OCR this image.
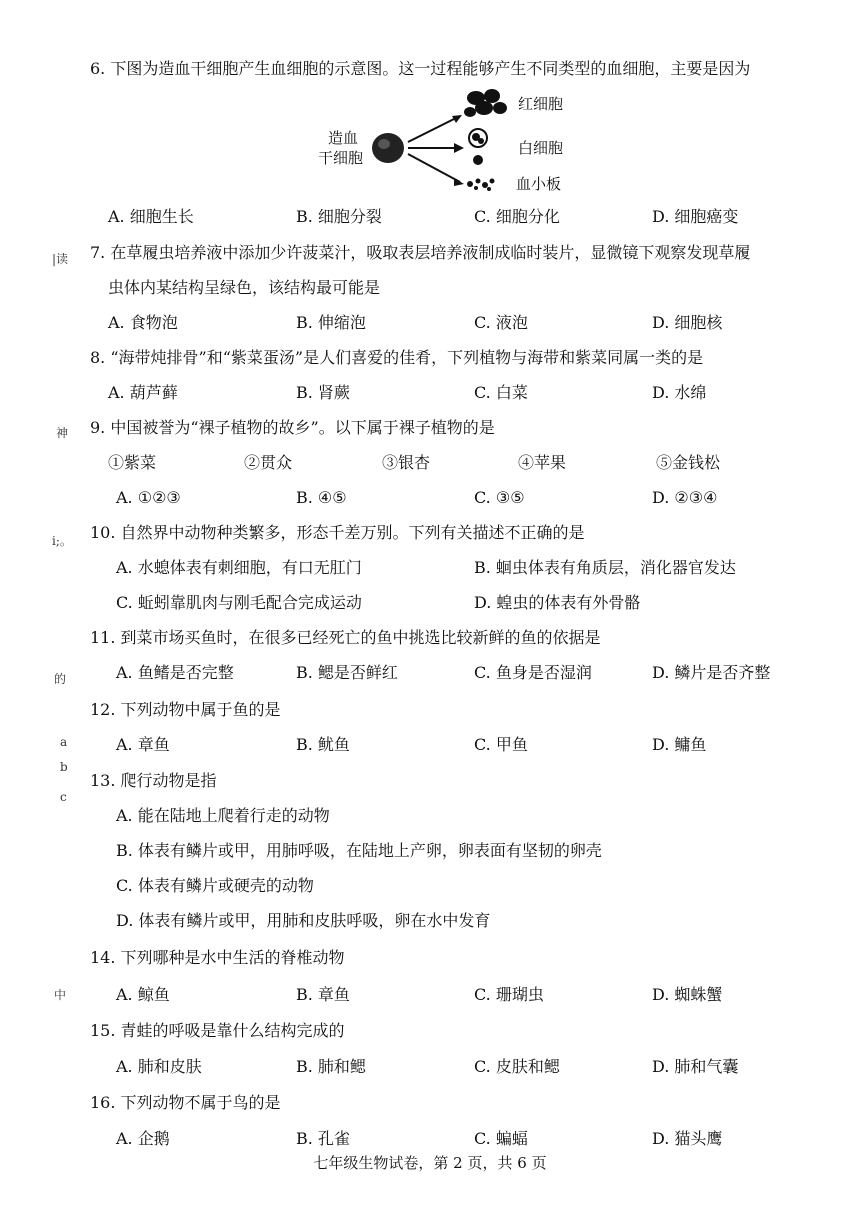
|读
神
i;。
的
a
b
c
中
6. 下图为造血干细胞产生血细胞的示意图。这一过程能够产生不同类型的血细胞，主要是因为
造血
干细胞
红细胞
白细胞
血小板
A. 细胞生长	B. 细胞分裂	C. 细胞分化	D. 细胞癌变
7. 在草履虫培养液中添加少许菠菜汁，吸取表层培养液制成临时装片，显微镜下观察发现草履
虫体内某结构呈绿色，该结构最可能是
A. 食物泡	B. 伸缩泡	C. 液泡	D. 细胞核
8. “海带炖排骨”和“紫菜蛋汤”是人们喜爱的佳肴，下列植物与海带和紫菜同属一类的是
A. 葫芦藓	B. 肾蕨	C. 白菜	D. 水绵
9. 中国被誉为“裸子植物的故乡”。以下属于裸子植物的是
①紫菜	②贯众	③银杏	④苹果	⑤金钱松
A. ①②③	B. ④⑤	C. ③⑤	D. ②③④
10. 自然界中动物种类繁多，形态千差万别。下列有关描述不正确的是
A. 水螅体表有刺细胞，有口无肛门	B. 蛔虫体表有角质层，消化器官发达
C. 蚯蚓靠肌肉与刚毛配合完成运动	D. 蝗虫的体表有外骨骼
11. 到菜市场买鱼时，在很多已经死亡的鱼中挑选比较新鲜的鱼的依据是
A. 鱼鳍是否完整	B. 鳃是否鲜红	C. 鱼身是否湿润	D. 鳞片是否齐整
12. 下列动物中属于鱼的是
A. 章鱼	B. 鱿鱼	C. 甲鱼	D. 鳙鱼
13. 爬行动物是指
A. 能在陆地上爬着行走的动物
B. 体表有鳞片或甲，用肺呼吸，在陆地上产卵，卵表面有坚韧的卵壳
C. 体表有鳞片或硬壳的动物
D. 体表有鳞片或甲，用肺和皮肤呼吸，卵在水中发育
14. 下列哪种是水中生活的脊椎动物
A. 鲸鱼	B. 章鱼	C. 珊瑚虫	D. 蜘蛛蟹
15. 青蛙的呼吸是靠什么结构完成的
A. 肺和皮肤	B. 肺和鳃	C. 皮肤和鳃	D. 肺和气囊
16. 下列动物不属于鸟的是
A. 企鹅	B. 孔雀	C. 蝙蝠	D. 猫头鹰
七年级生物试卷，第 2 页，共 6 页
